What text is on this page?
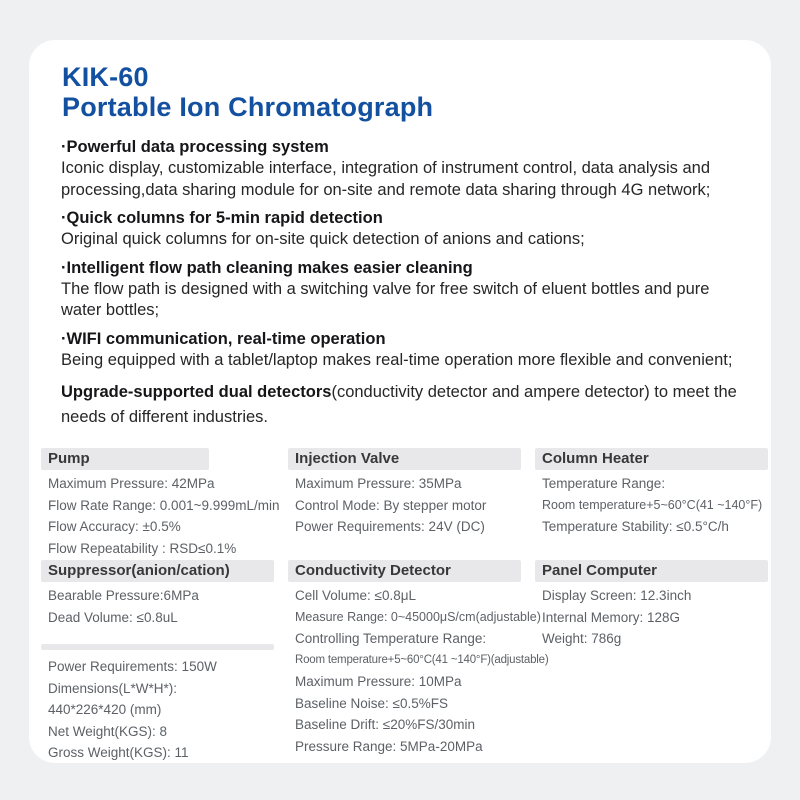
KIK-60
Portable Ion Chromatograph
·Powerful data processing system
Iconic display, customizable interface, integration of instrument control, data analysis and processing,data sharing module for on-site and remote data sharing through 4G network;
·Quick columns for 5-min rapid detection
Original quick columns for on-site quick detection of anions and cations;
·Intelligent flow path cleaning makes easier cleaning
The flow path is designed with a switching valve for free switch of eluent bottles and pure water bottles;
·WIFI communication, real-time operation
Being equipped with a tablet/laptop makes real-time operation more flexible and convenient;

Upgrade-supported dual detectors(conductivity detector and ampere detector) to meet the needs of different industries.

Pump
Maximum Pressure: 42MPa
Flow Rate Range: 0.001~9.999mL/min
Flow Accuracy: ±0.5%
Flow Repeatability : RSD≤0.1%
Suppressor(anion/cation)
Bearable Pressure:6MPa
Dead Volume: ≤0.8uL
Power Requirements: 150W
Dimensions(L*W*H*):
440*226*420 (mm)
Net Weight(KGS): 8
Gross Weight(KGS): 11
Injection Valve
Maximum Pressure: 35MPa
Control Mode: By stepper motor
Power Requirements: 24V (DC)
Conductivity Detector
Cell Volume: ≤0.8μL
Measure Range: 0~45000μS/cm(adjustable)
Controlling Temperature Range:
Room temperature+5~60°C(41 ~140°F)(adjustable)
Maximum Pressure: 10MPa
Baseline Noise: ≤0.5%FS
Baseline Drift: ≤20%FS/30min
Pressure Range: 5MPa-20MPa
Column Heater
Temperature Range:
Room temperature+5~60°C(41 ~140°F)
Temperature Stability: ≤0.5°C/h
Panel Computer
Display Screen: 12.3inch
Internal Memory: 128G
Weight: 786g
